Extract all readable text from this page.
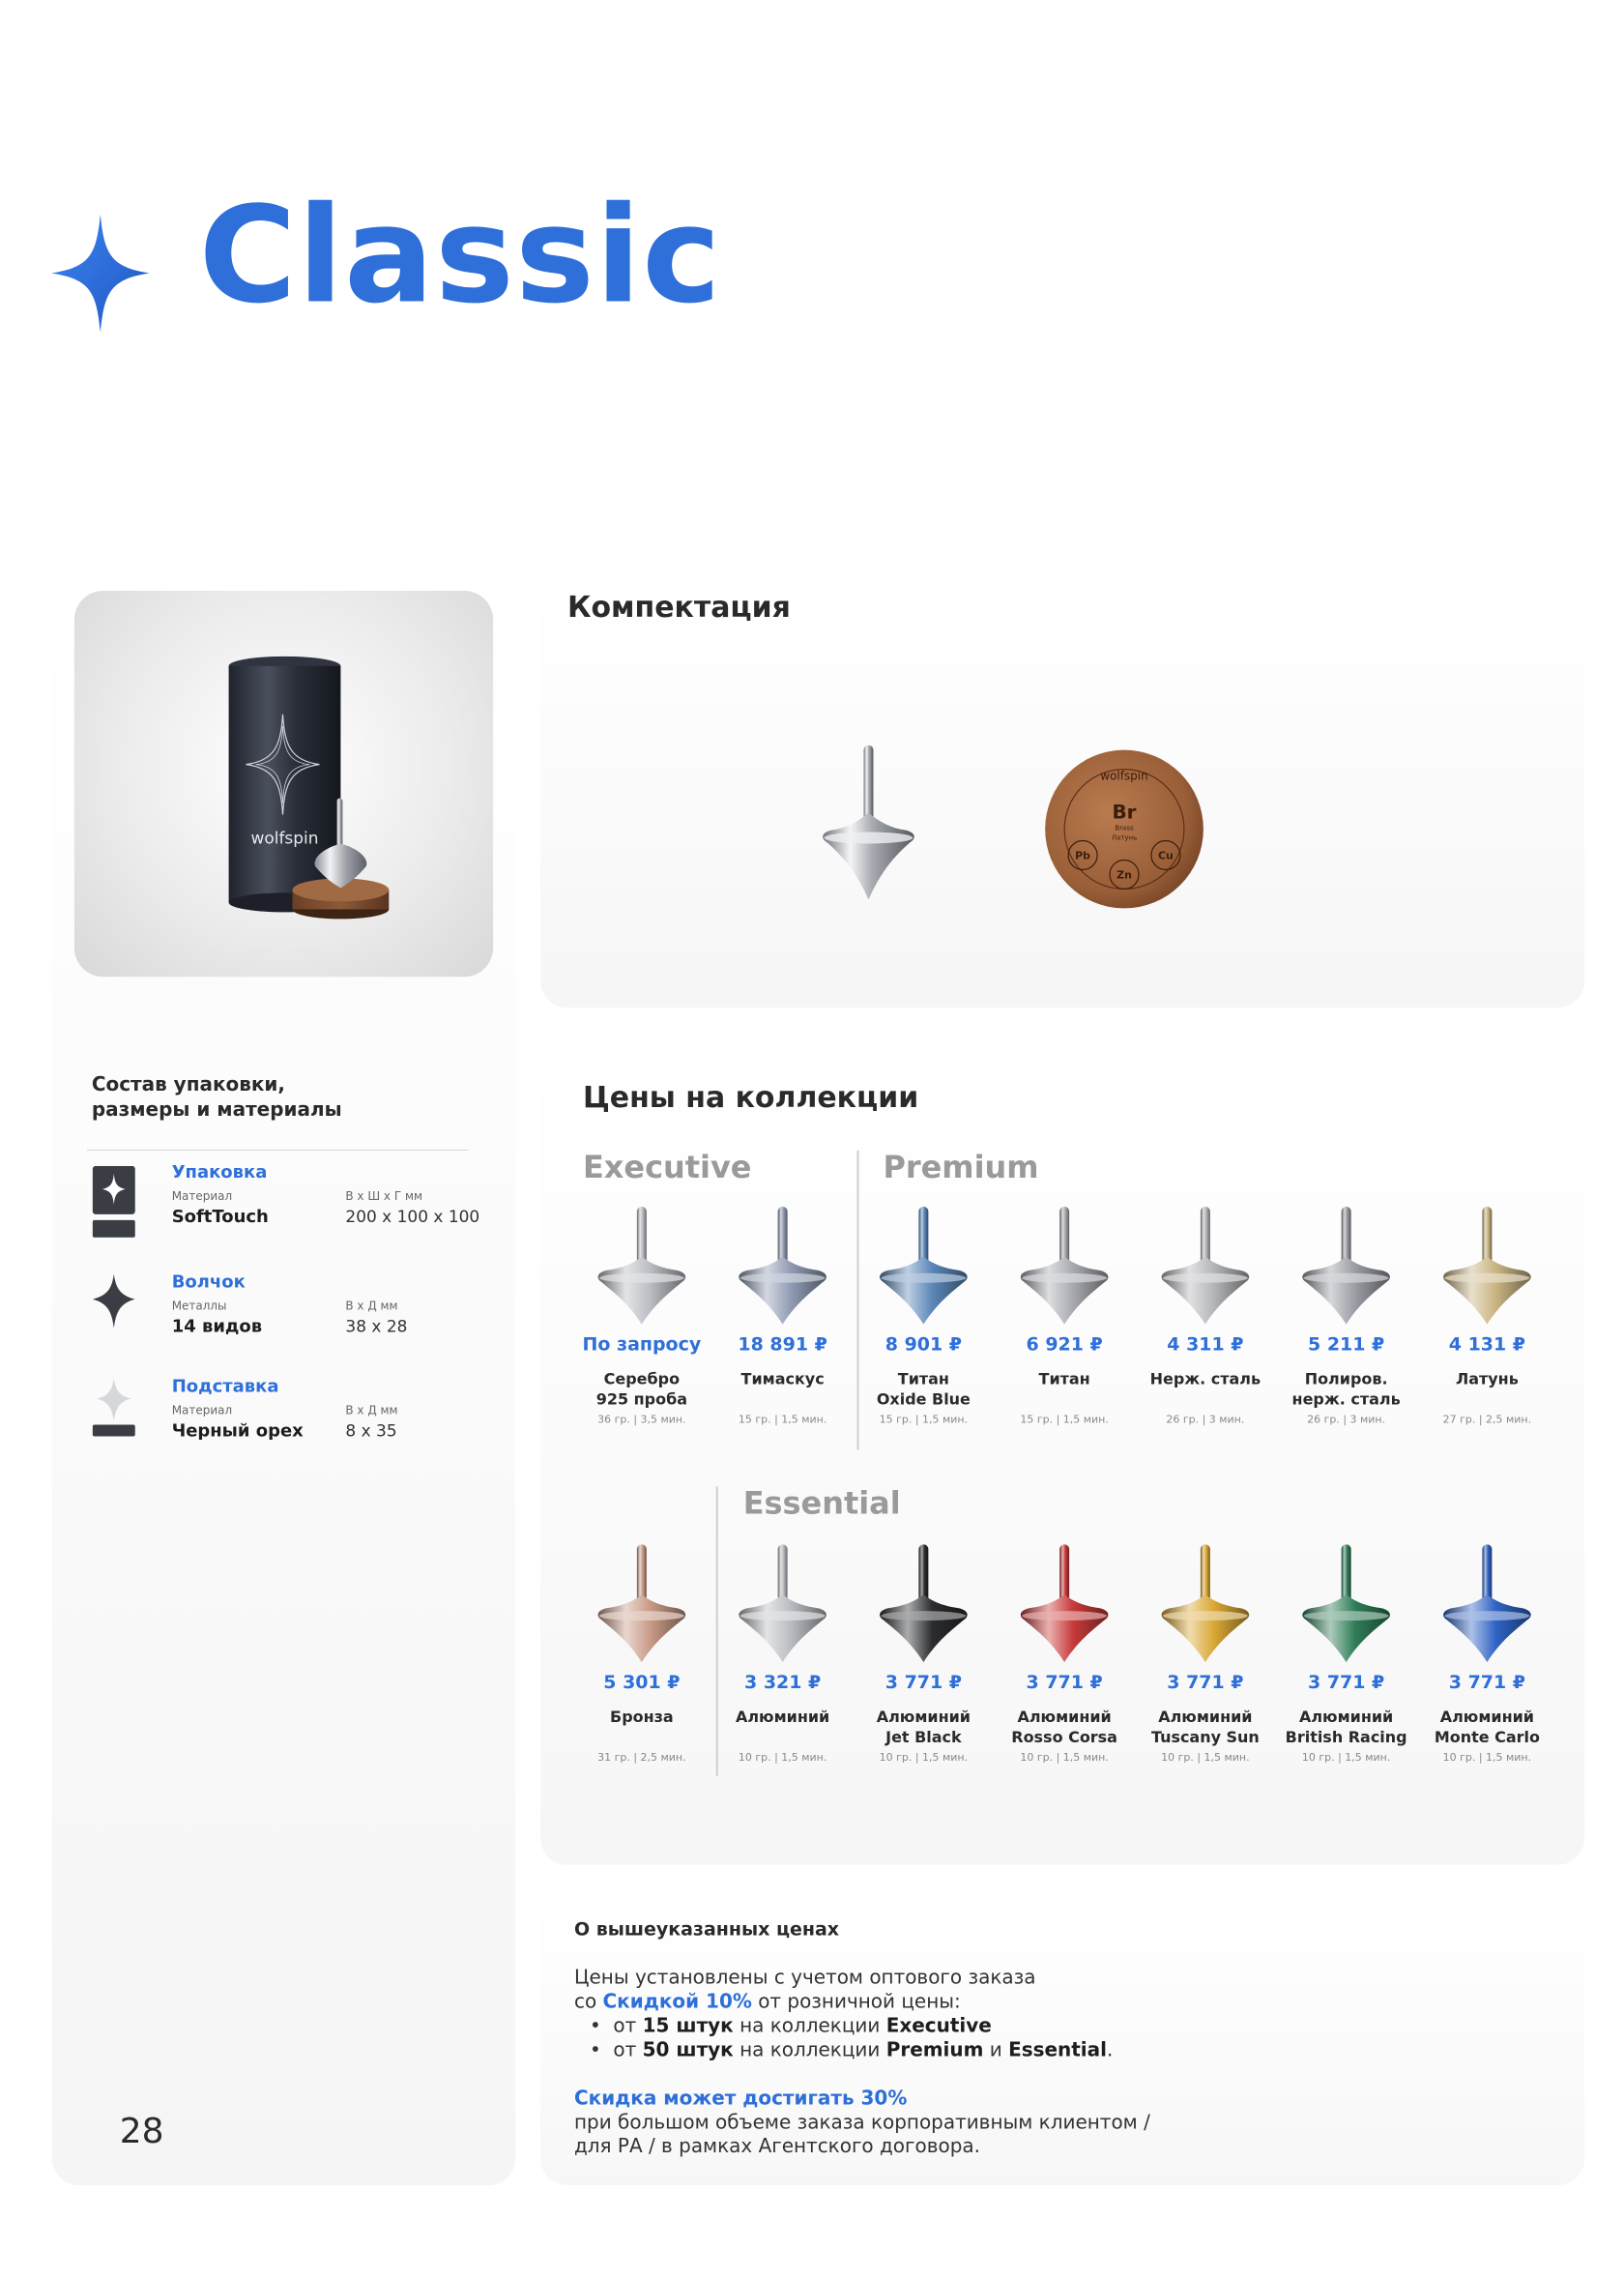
Classic
wolfspin
Компектация
wolfspin
Br
Brass
Латунь
Pb
Zn
Cu
Состав упаковки,
размеры и материалы
Упаковка
Материал
SoftTouch
В х Ш х Г мм
200 x 100 x 100
Волчок
Металлы
14 видов
В х Д мм
38 x 28
Подставка
Материал
Черный орех
В х Д мм
8 x 35
Цены на коллекции
Executive	Premium
Essential
По запросу
Серебро
925 проба
36 гр. | 3,5 мин.
18 891 ₽
Тимаскус

15 гр. | 1,5 мин.
8 901 ₽
Титан
Oxide Blue
15 гр. | 1,5 мин.
6 921 ₽
Титан

15 гр. | 1,5 мин.
4 311 ₽
Нерж. сталь

26 гр. | 3 мин.
5 211 ₽
Полиров.
нерж. сталь
26 гр. | 3 мин.
4 131 ₽
Латунь

27 гр. | 2,5 мин.
5 301 ₽
Бронза

31 гр. | 2,5 мин.
3 321 ₽
Алюминий

10 гр. | 1,5 мин.
3 771 ₽
Алюминий
Jet Black
10 гр. | 1,5 мин.
3 771 ₽
Алюминий
Rosso Corsa
10 гр. | 1,5 мин.
3 771 ₽
Алюминий
Tuscany Sun
10 гр. | 1,5 мин.
3 771 ₽
Алюминий
British Racing
10 гр. | 1,5 мин.
3 771 ₽
Алюминий
Monte Carlo
10 гр. | 1,5 мин.
О вышеуказанных ценах
Цены установлены с учетом оптового заказа
со Скидкой 10% от розничной цены:
•  от 15 штук на коллекции Executive
•  от 50 штук на коллекции Premium и Essential.
Скидка может достигать 30%
при большом объеме заказа корпоративным клиентом /
для РА / в рамках Агентского договора.
28
